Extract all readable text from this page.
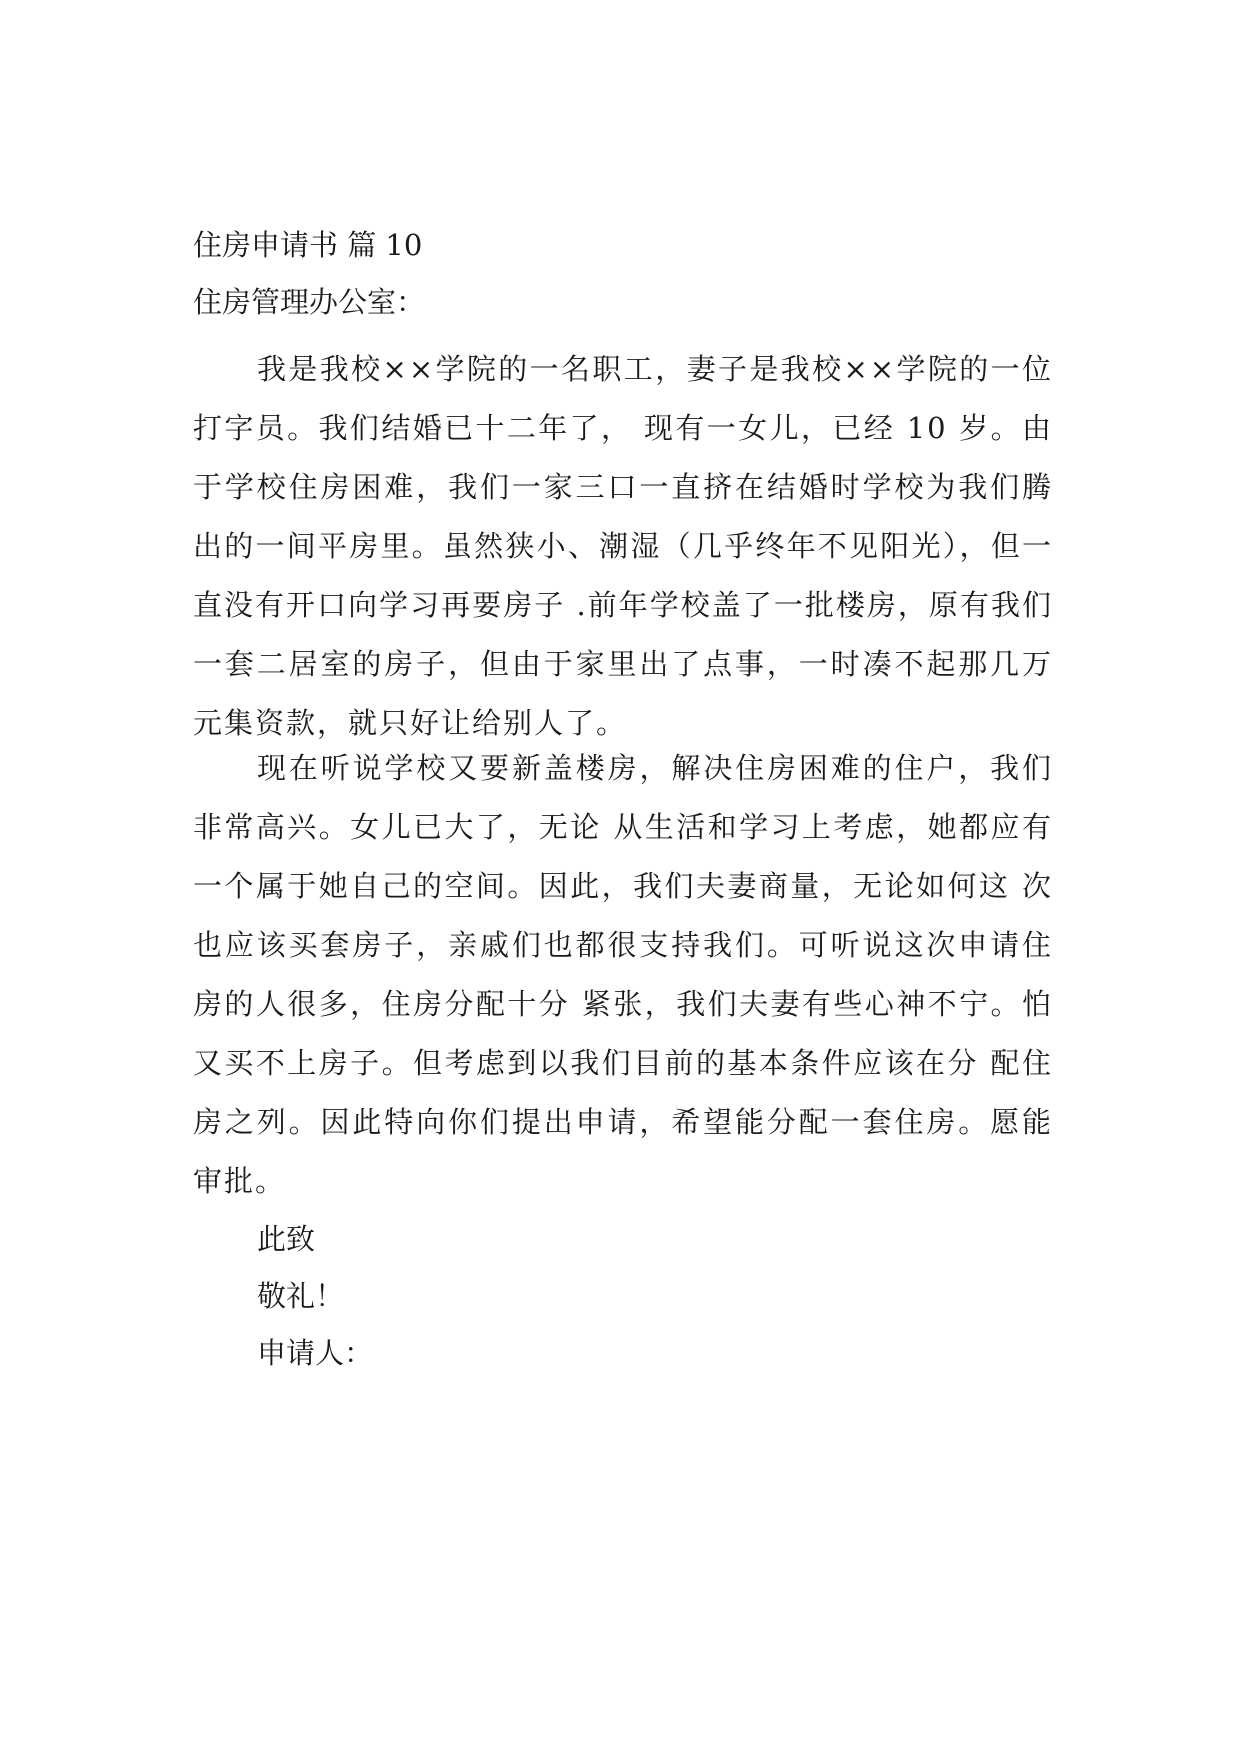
住房申请书 篇 10

住房管理办公室：

我是我校××学院的一名职工，妻子是我校××学院的一位打字员。我们结婚已十二年了， 现有一女儿，已经 10 岁。由于学校住房困难，我们一家三口一直挤在结婚时学校为我们腾出的一间平房里。虽然狭小、潮湿（几乎终年不见阳光），但一直没有开口向学习再要房子 .前年学校盖了一批楼房，原有我们一套二居室的房子，但由于家里出了点事，一时凑不起那几万元集资款，就只好让给别人了。

现在听说学校又要新盖楼房，解决住房困难的住户，我们非常高兴。女儿已大了，无论 从生活和学习上考虑，她都应有一个属于她自己的空间。因此，我们夫妻商量，无论如何这 次也应该买套房子，亲戚们也都很支持我们。可听说这次申请住房的人很多，住房分配十分 紧张，我们夫妻有些心神不宁。怕又买不上房子。但考虑到以我们目前的基本条件应该在分 配住房之列。因此特向你们提出申请，希望能分配一套住房。愿能审批。

此致

敬礼！

申请人：
